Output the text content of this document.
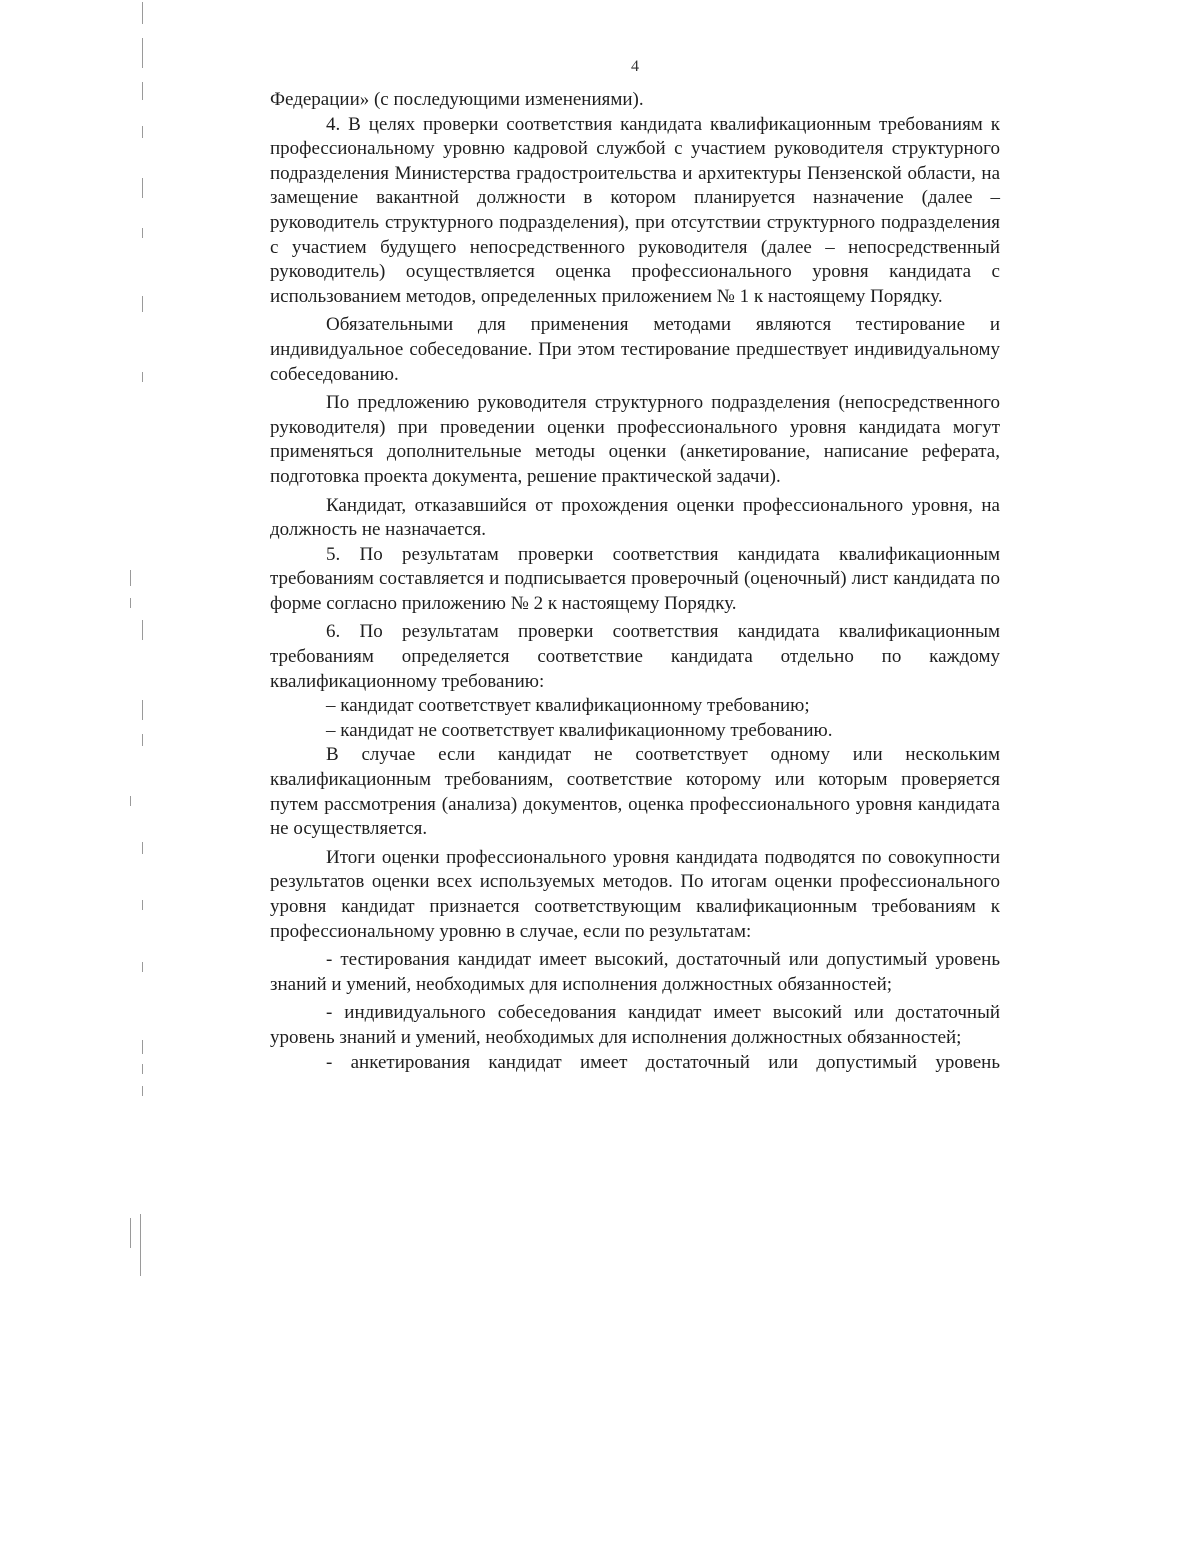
4

Федерации» (с последующими изменениями).

4. В целях проверки соответствия кандидата квалификационным требованиям к профессиональному уровню кадровой службой с участием руководителя структурного подразделения Министерства градостроительства и архитектуры Пензенской области, на замещение вакантной должности в котором планируется назначение (далее – руководитель структурного подразделения), при отсутствии структурного подразделения с участием будущего непосредственного руководителя (далее – непосредственный руководитель) осуществляется оценка профессионального уровня кандидата с использованием методов, определенных приложением № 1 к настоящему Порядку.

Обязательными для применения методами являются тестирование и индивидуальное собеседование. При этом тестирование предшествует индивидуальному собеседованию.

По предложению руководителя структурного подразделения (непосредственного руководителя) при проведении оценки профессионального уровня кандидата могут применяться дополнительные методы оценки (анкетирование, написание реферата, подготовка проекта документа, решение практической задачи).

Кандидат, отказавшийся от прохождения оценки профессионального уровня, на должность не назначается.

5. По результатам проверки соответствия кандидата квалификационным требованиям составляется и подписывается проверочный (оценочный) лист кандидата по форме согласно приложению № 2 к настоящему Порядку.

6. По результатам проверки соответствия кандидата квалификационным требованиям определяется соответствие кандидата отдельно по каждому квалификационному требованию:

– кандидат соответствует квалификационному требованию;

– кандидат не соответствует квалификационному требованию.

В случае если кандидат не соответствует одному или нескольким квалификационным требованиям, соответствие которому или которым проверяется путем рассмотрения (анализа) документов, оценка профессионального уровня кандидата не осуществляется.

Итоги оценки профессионального уровня кандидата подводятся по совокупности результатов оценки всех используемых методов. По итогам оценки профессионального уровня кандидат признается соответствующим квалификационным требованиям к профессиональному уровню в случае, если по результатам:

- тестирования кандидат имеет высокий, достаточный или допустимый уровень знаний и умений, необходимых для исполнения должностных обязанностей;

- индивидуального собеседования кандидат имеет высокий или достаточный уровень знаний и умений, необходимых для исполнения должностных обязанностей;

- анкетирования кандидат имеет достаточный или допустимый уровень
